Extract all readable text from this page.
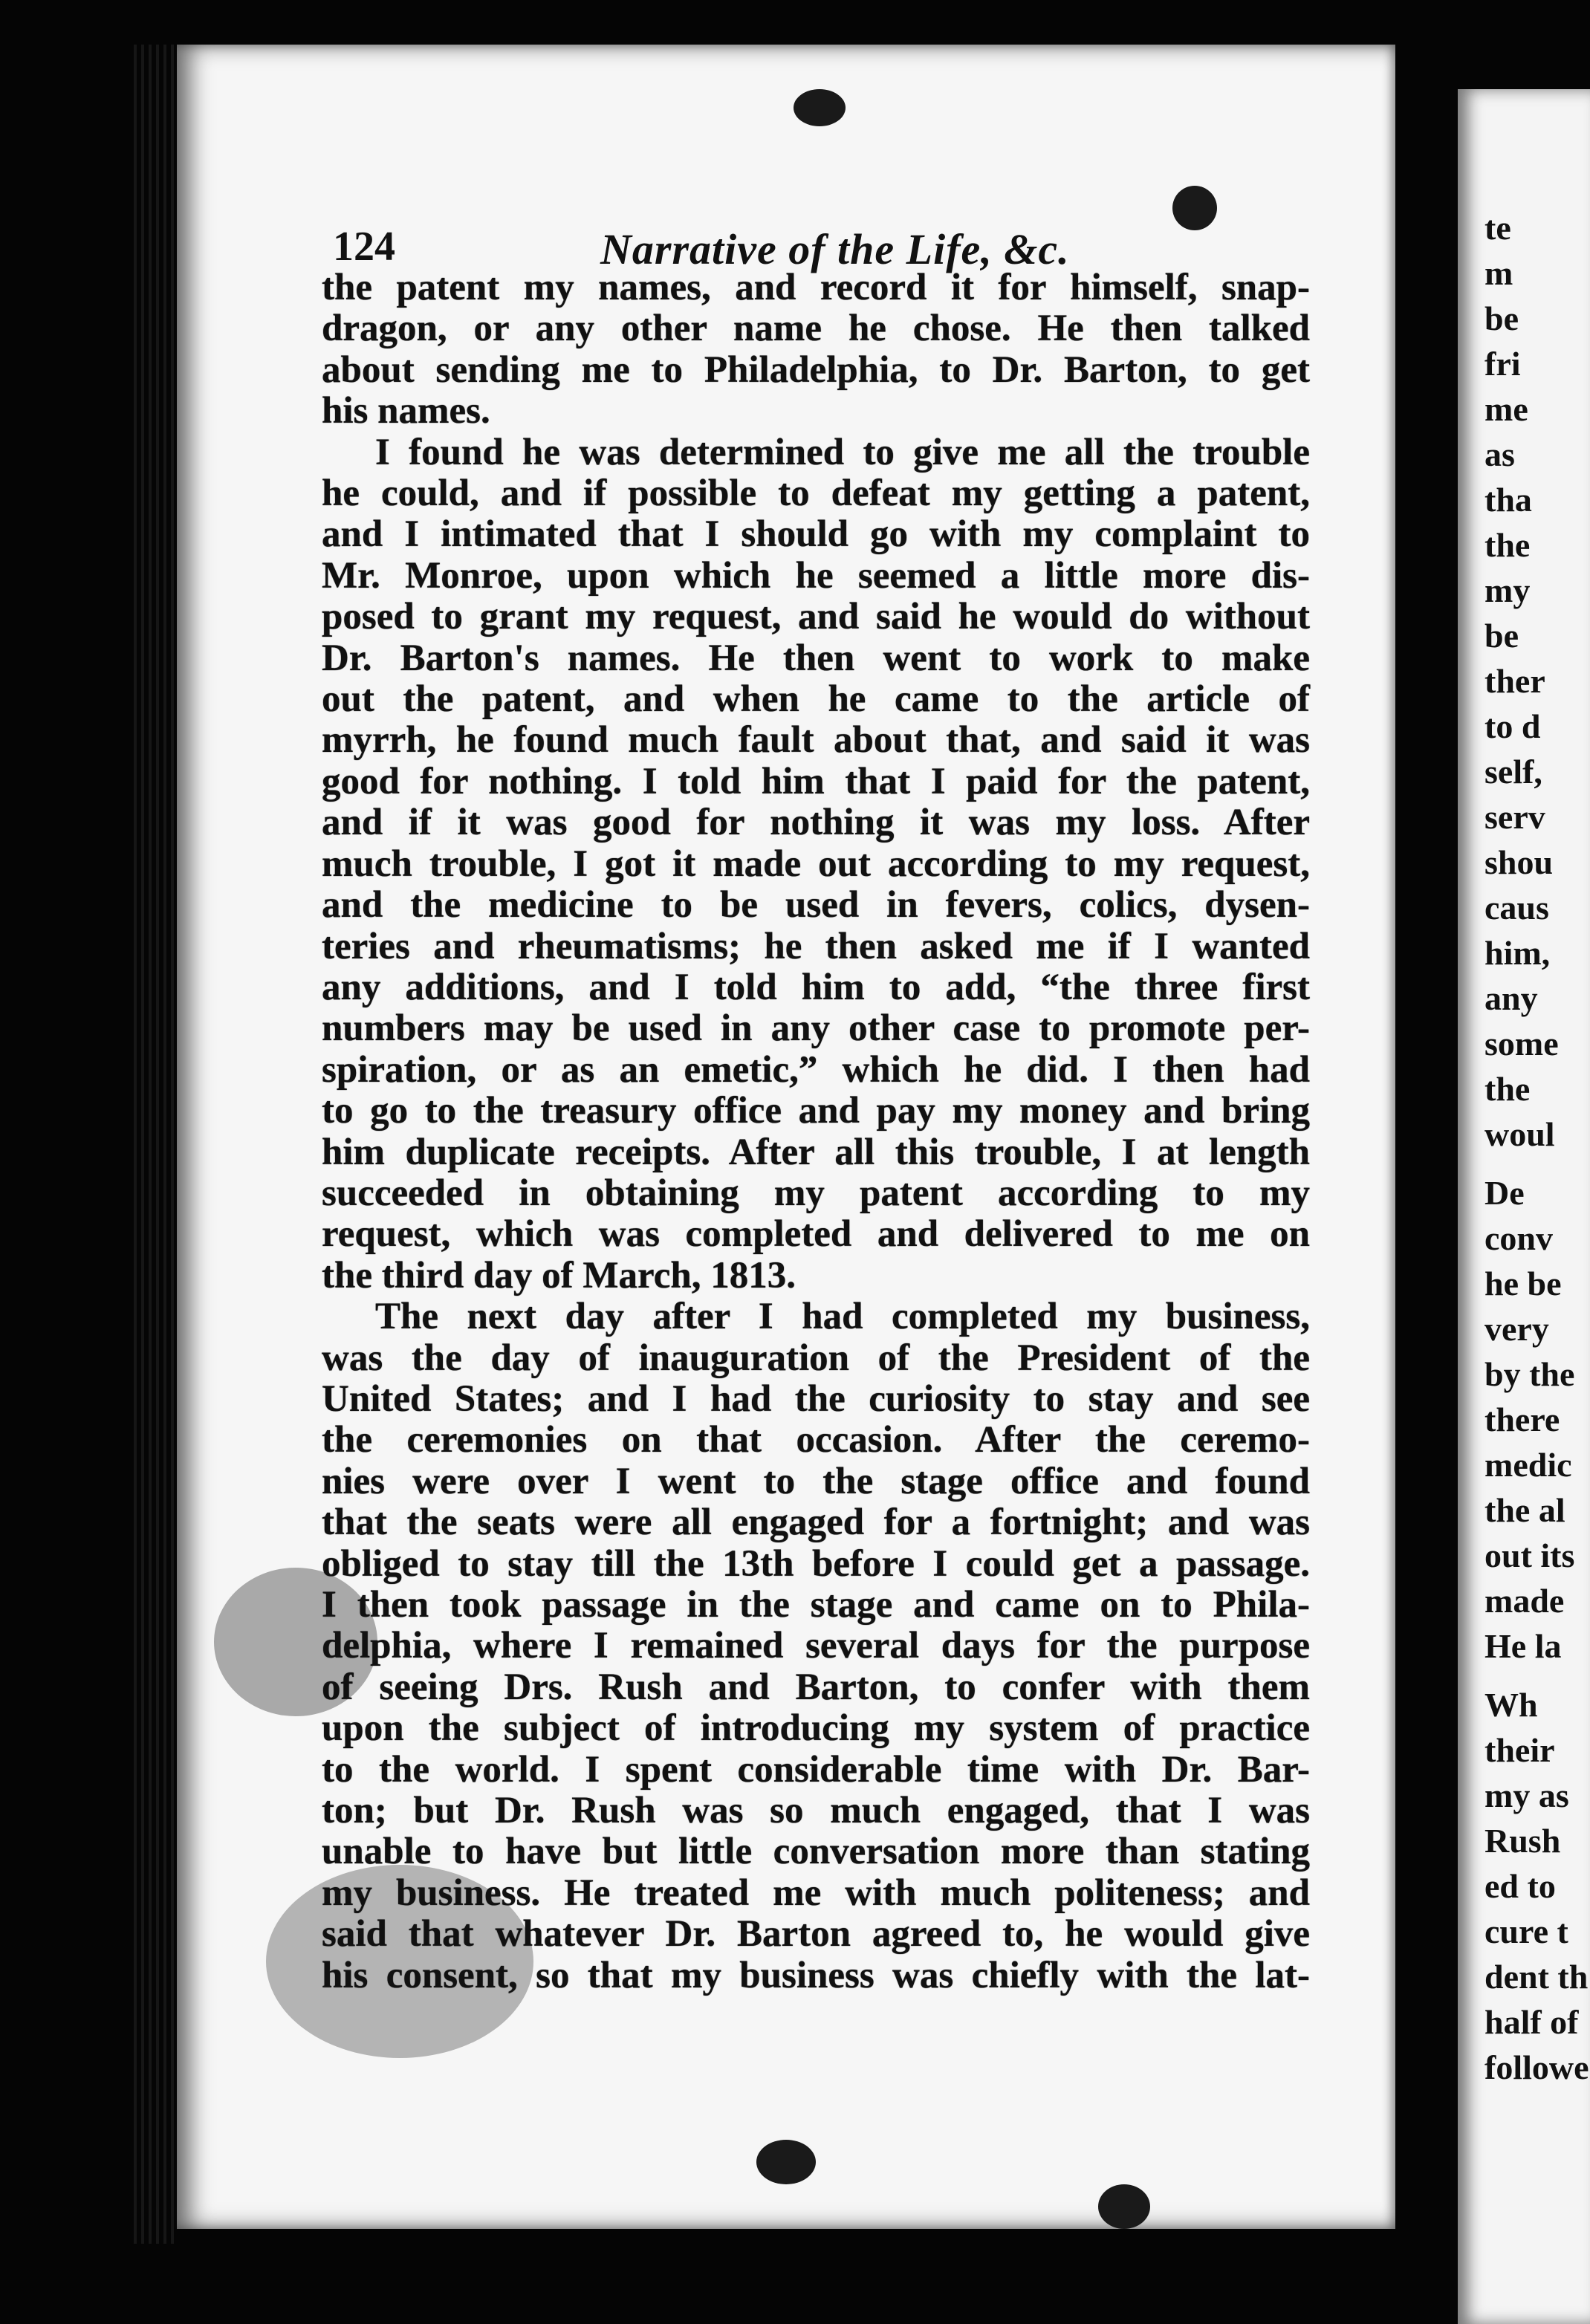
124	Narrative of the Life, &c.
the patent my names, and record it for himself, snap-
dragon, or any other name he chose. He then talked
about sending me to Philadelphia, to Dr. Barton, to get
his names.
I found he was determined to give me all the trouble
he could, and if possible to defeat my getting a patent,
and I intimated that I should go with my complaint to
Mr. Monroe, upon which he seemed a little more dis-
posed to grant my request, and said he would do without
Dr. Barton's names. He then went to work to make
out the patent, and when he came to the article of
myrrh, he found much fault about that, and said it was
good for nothing. I told him that I paid for the patent,
and if it was good for nothing it was my loss. After
much trouble, I got it made out according to my request,
and the medicine to be used in fevers, colics, dysen-
teries and rheumatisms; he then asked me if I wanted
any additions, and I told him to add, “the three first
numbers may be used in any other case to promote per-
spiration, or as an emetic,” which he did. I then had
to go to the treasury office and pay my money and bring
him duplicate receipts. After all this trouble, I at length
succeeded in obtaining my patent according to my
request, which was completed and delivered to me on
the third day of March, 1813.
The next day after I had completed my business,
was the day of inauguration of the President of the
United States; and I had the curiosity to stay and see
the ceremonies on that occasion. After the ceremo-
nies were over I went to the stage office and found
that the seats were all engaged for a fortnight; and was
obliged to stay till the 13th before I could get a passage.
I then took passage in the stage and came on to Phila-
delphia, where I remained several days for the purpose
of seeing Drs. Rush and Barton, to confer with them
upon the subject of introducing my system of practice
to the world. I spent considerable time with Dr. Bar-
ton; but Dr. Rush was so much engaged, that I was
unable to have but little conversation more than stating
my business. He treated me with much politeness; and
said that whatever Dr. Barton agreed to, he would give
his consent, so that my business was chiefly with the lat-
te
m
be
fri
me
as
tha
the
my
be
ther
to d
self,
serv
shou
caus
him,
any
some
the
woul
De
conv
he be
very
by the
there
medic
the al
out its
made
He la
Wh
their
my as
Rush
ed to
cure t
dent th
half of
followe
